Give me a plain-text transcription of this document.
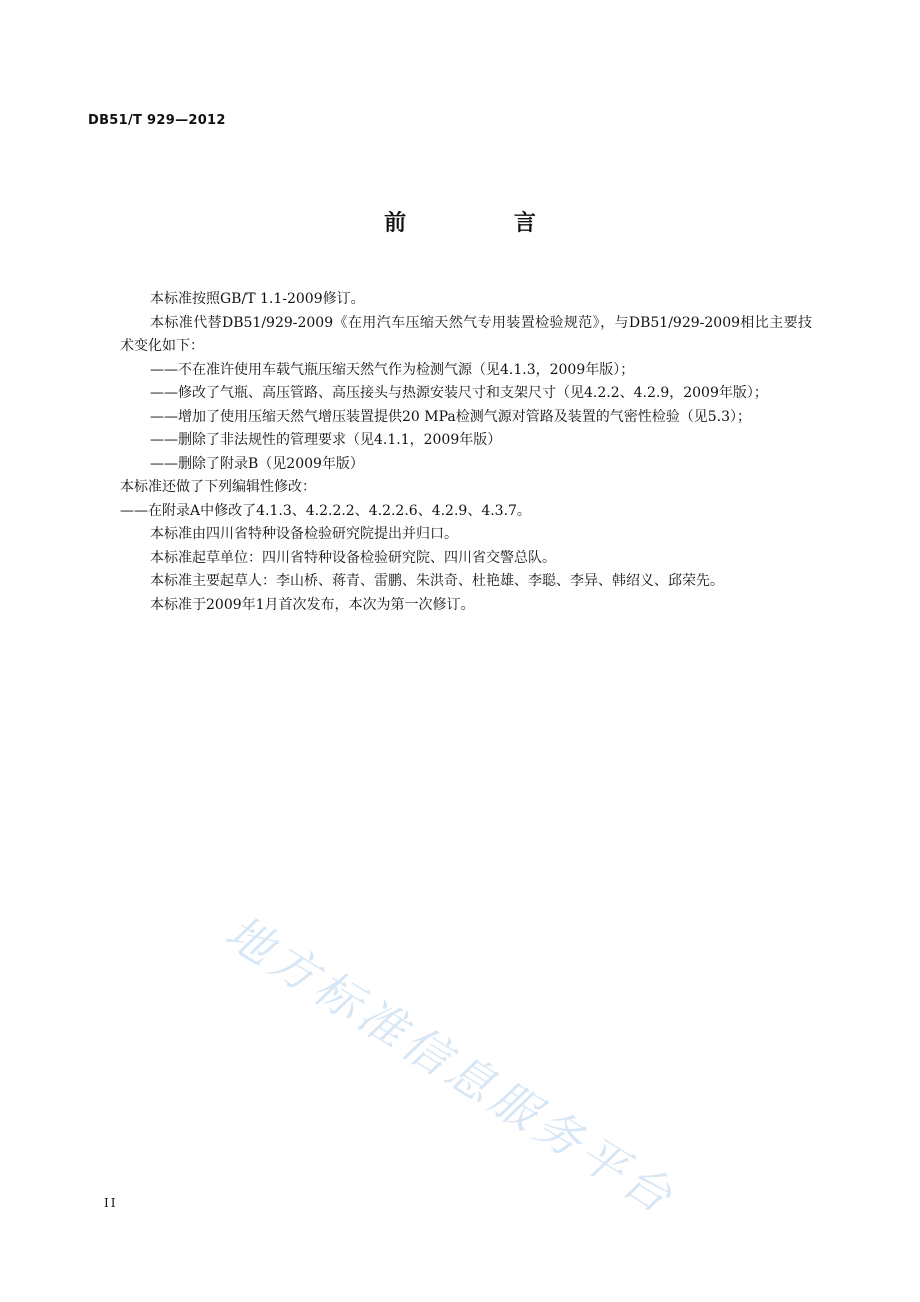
DB51/T 929—2012
前 言

本标准按照GB/T 1.1-2009修订。

本标准代替DB51/929-2009《在用汽车压缩天然气专用装置检验规范》，与DB51/929-2009相比主要技术变化如下：

——不在准许使用车载气瓶压缩天然气作为检测气源（见4.1.3，2009年版）；

——修改了气瓶、高压管路、高压接头与热源安装尺寸和支架尺寸（见4.2.2、4.2.9，2009年版）；

——增加了使用压缩天然气增压装置提供20 MPa检测气源对管路及装置的气密性检验（见5.3）；

——删除了非法规性的管理要求（见4.1.1，2009年版）

——删除了附录B（见2009年版）

本标准还做了下列编辑性修改：

——在附录A中修改了4.1.3、4.2.2.2、4.2.2.6、4.2.9、4.3.7。

本标准由四川省特种设备检验研究院提出并归口。

本标准起草单位：四川省特种设备检验研究院、四川省交警总队。

本标准主要起草人：李山桥、蒋青、雷鹏、朱洪奇、杜艳雄、李聪、李异、韩绍义、邱荣先。

本标准于2009年1月首次发布，本次为第一次修订。

地方标准信息服务平台
II
